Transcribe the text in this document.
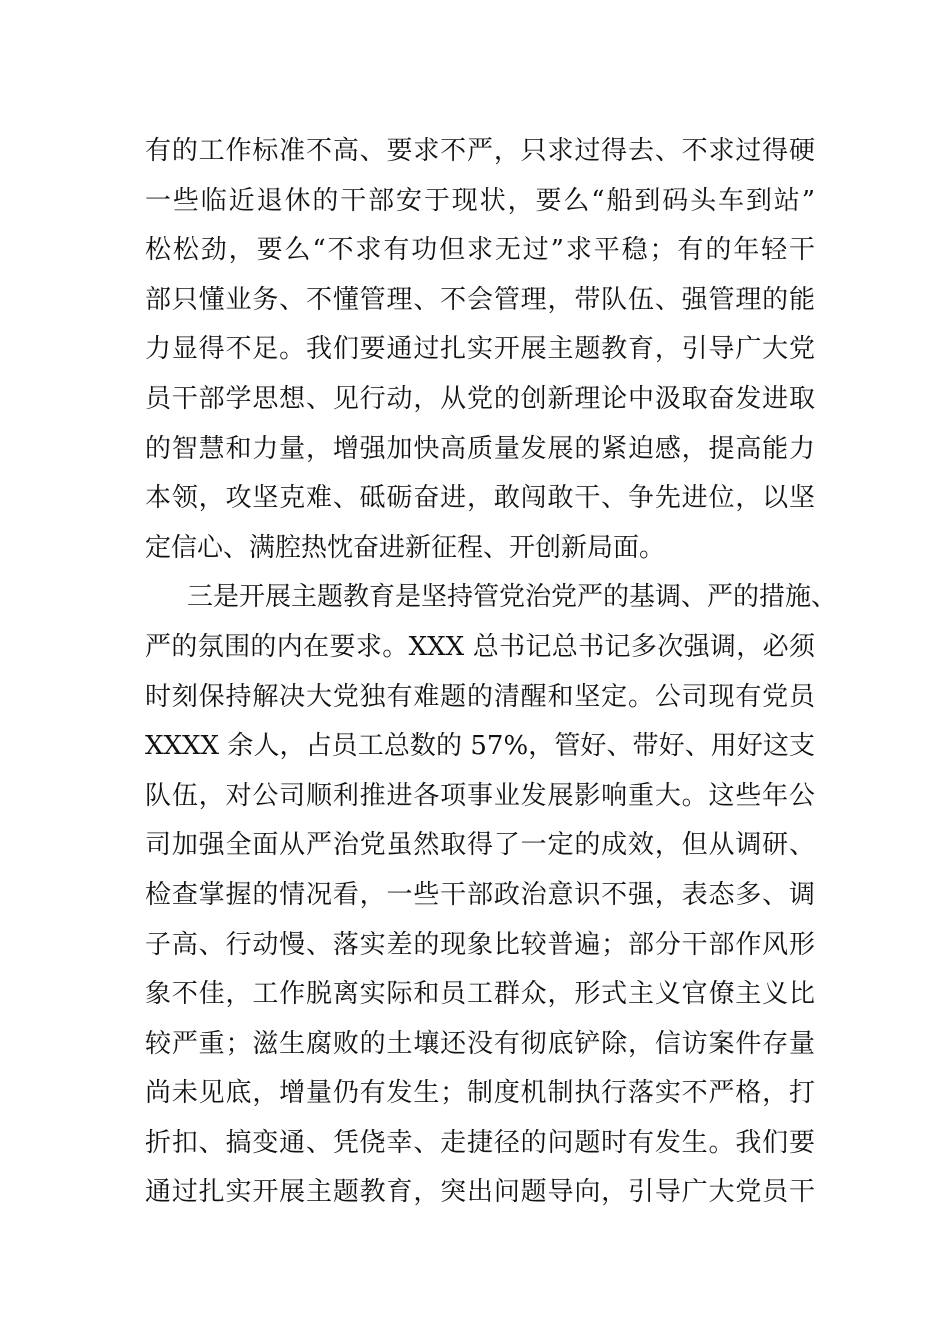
有的工作标准不高、要求不严，只求过得去、不求过得硬
一些临近退休的干部安于现状，要么“船到码头车到站”
松松劲，要么“不求有功但求无过”求平稳；有的年轻干
部只懂业务、不懂管理、不会管理，带队伍、强管理的能
力显得不足。我们要通过扎实开展主题教育，引导广大党
员干部学思想、见行动，从党的创新理论中汲取奋发进取
的智慧和力量，增强加快高质量发展的紧迫感，提高能力
本领，攻坚克难、砥砺奋进，敢闯敢干、争先进位，以坚
定信心、满腔热忱奋进新征程、开创新局面。
三是开展主题教育是坚持管党治党严的基调、严的措施、
严的氛围的内在要求。XXX 总书记总书记多次强调，必须
时刻保持解决大党独有难题的清醒和坚定。公司现有党员
XXXX 余人，占员工总数的 57%，管好、带好、用好这支
队伍，对公司顺利推进各项事业发展影响重大。这些年公
司加强全面从严治党虽然取得了一定的成效，但从调研、
检查掌握的情况看，一些干部政治意识不强，表态多、调
子高、行动慢、落实差的现象比较普遍；部分干部作风形
象不佳，工作脱离实际和员工群众，形式主义官僚主义比
较严重；滋生腐败的土壤还没有彻底铲除，信访案件存量
尚未见底，增量仍有发生；制度机制执行落实不严格，打
折扣、搞变通、凭侥幸、走捷径的问题时有发生。我们要
通过扎实开展主题教育，突出问题导向，引导广大党员干
